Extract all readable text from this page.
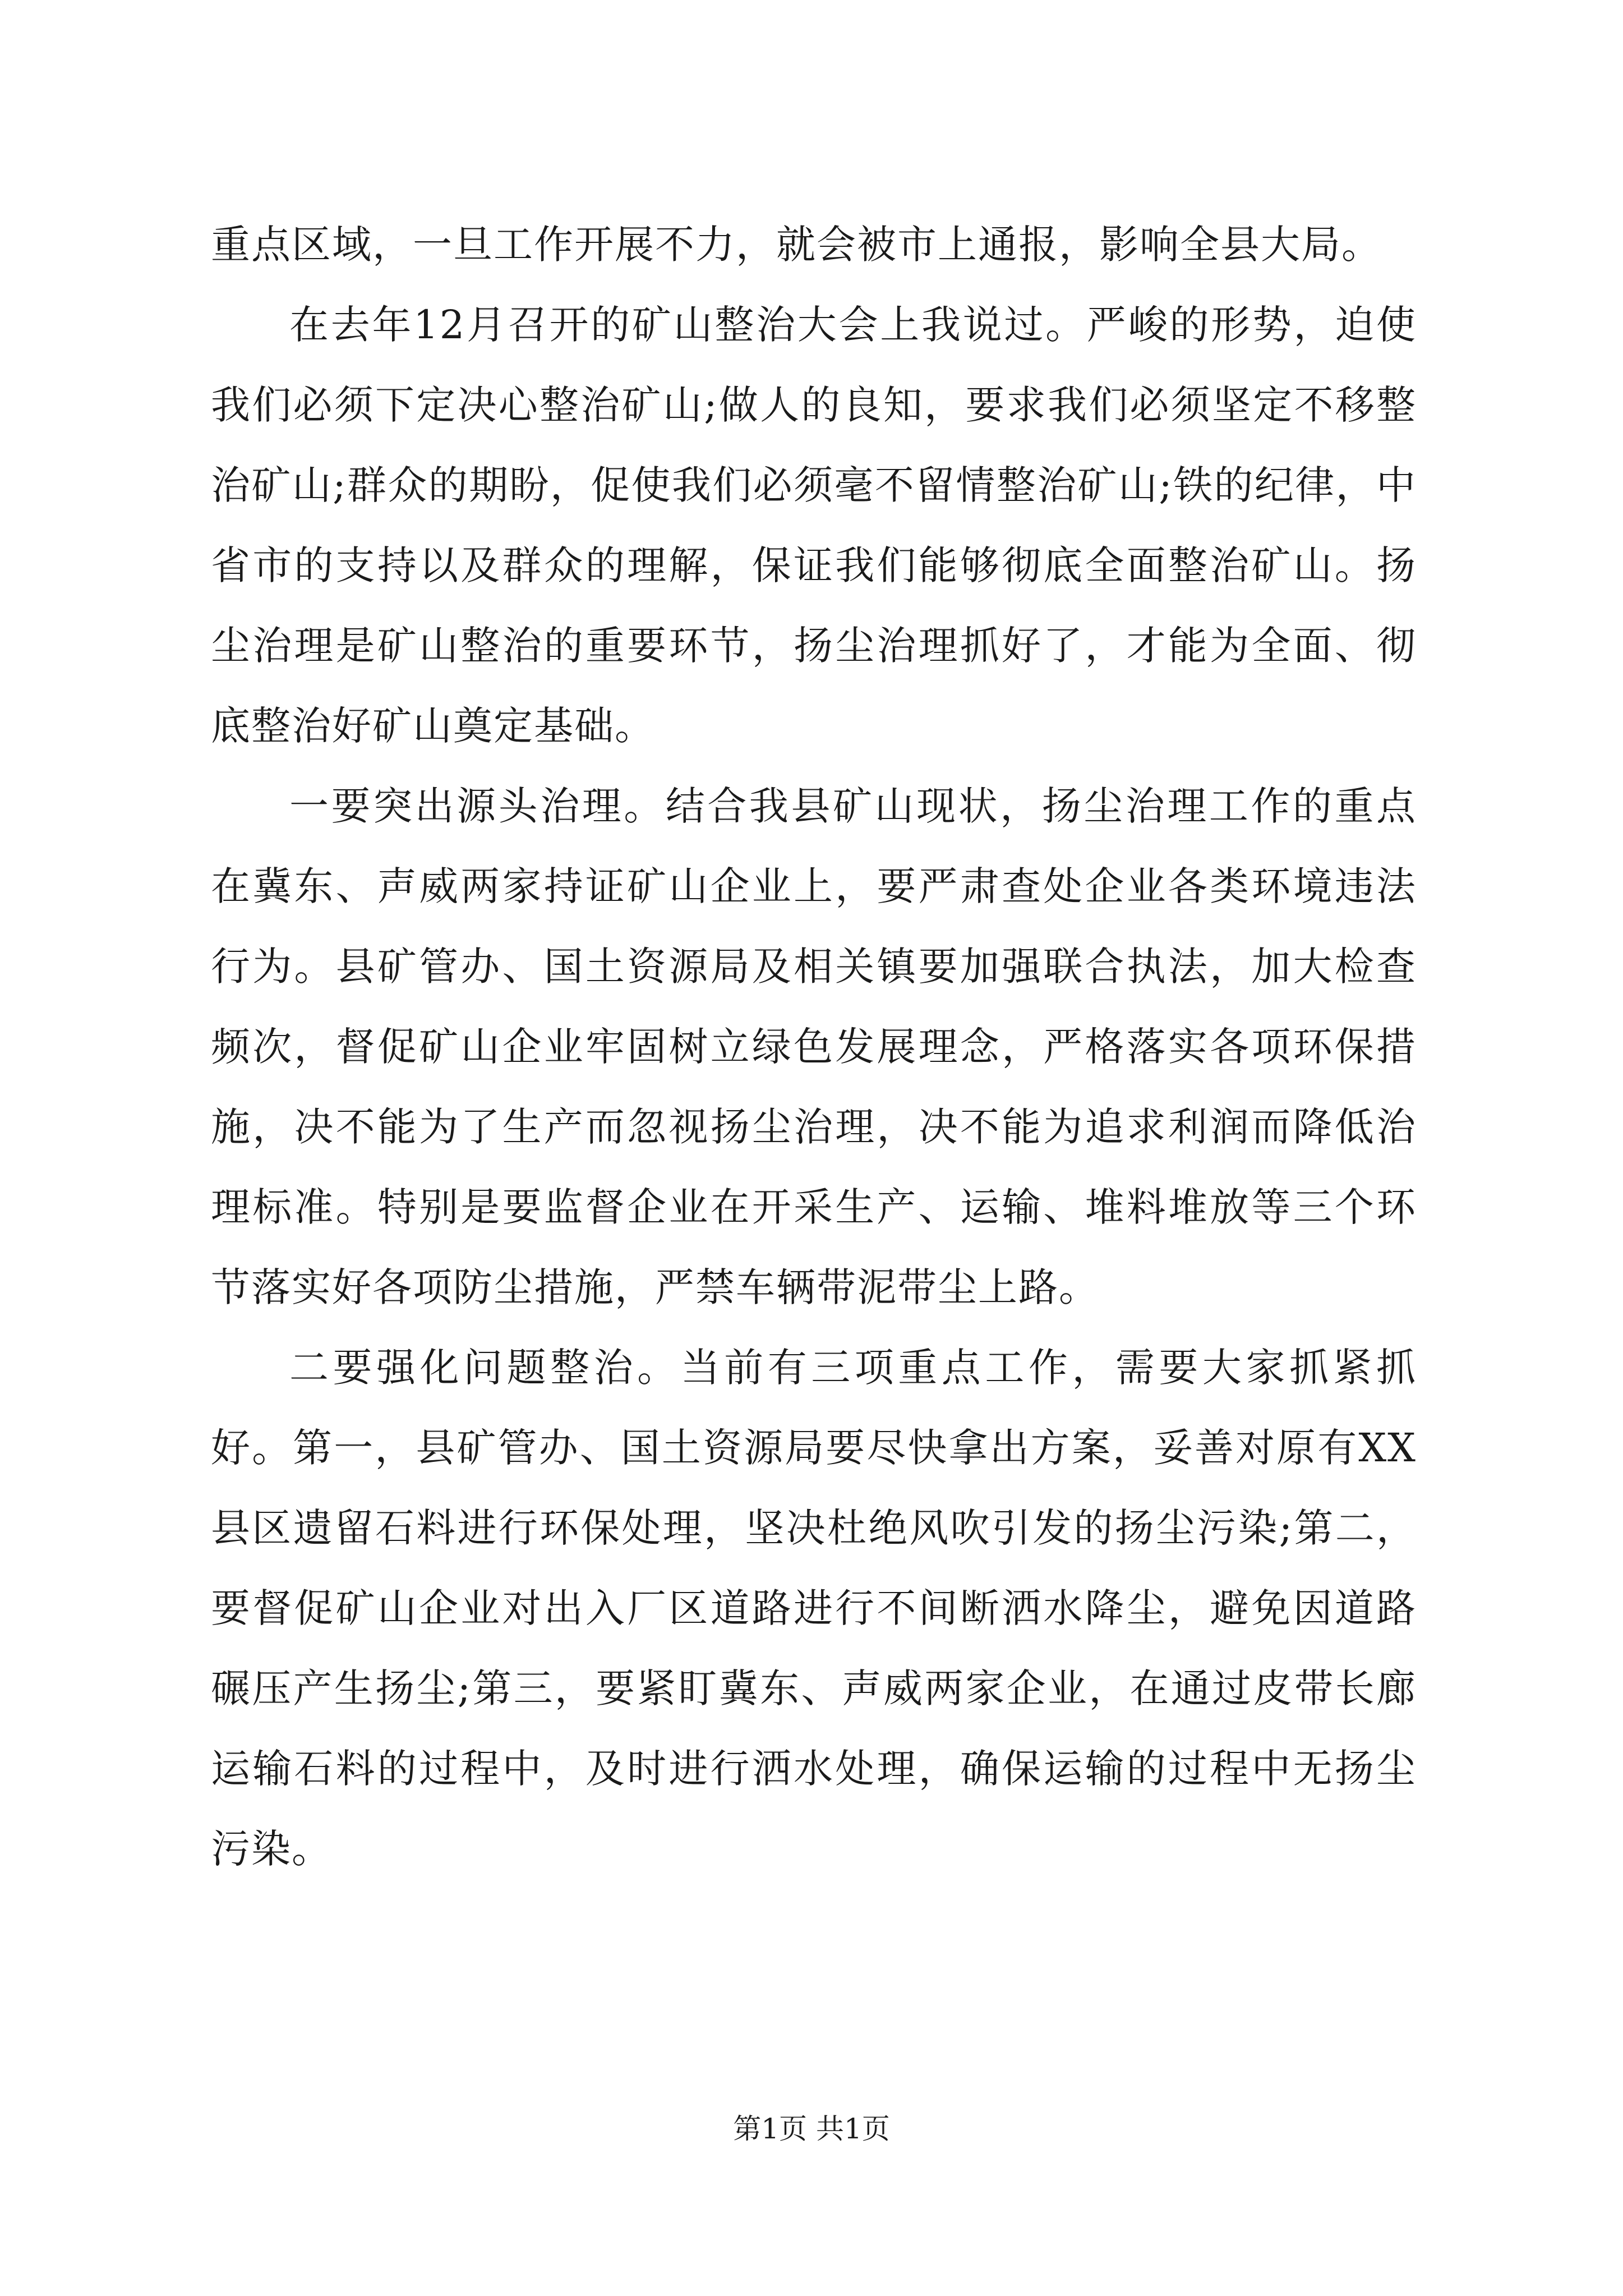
重点区域，一旦工作开展不力，就会被市上通报，影响全县大局。

在去年12月召开的矿山整治大会上我说过。严峻的形势，迫使我们必须下定决心整治矿山;做人的良知，要求我们必须坚定不移整治矿山;群众的期盼，促使我们必须毫不留情整治矿山;铁的纪律，中省市的支持以及群众的理解，保证我们能够彻底全面整治矿山。扬尘治理是矿山整治的重要环节，扬尘治理抓好了，才能为全面、彻底整治好矿山奠定基础。

一要突出源头治理。结合我县矿山现状，扬尘治理工作的重点在冀东、声威两家持证矿山企业上，要严肃查处企业各类环境违法行为。县矿管办、国土资源局及相关镇要加强联合执法，加大检查频次，督促矿山企业牢固树立绿色发展理念，严格落实各项环保措施，决不能为了生产而忽视扬尘治理，决不能为追求利润而降低治理标准。特别是要监督企业在开采生产、运输、堆料堆放等三个环节落实好各项防尘措施，严禁车辆带泥带尘上路。

二要强化问题整治。当前有三项重点工作，需要大家抓紧抓好。第一，县矿管办、国土资源局要尽快拿出方案，妥善对原有XX县区遗留石料进行环保处理，坚决杜绝风吹引发的扬尘污染;第二，要督促矿山企业对出入厂区道路进行不间断洒水降尘，避免因道路碾压产生扬尘;第三，要紧盯冀东、声威两家企业，在通过皮带长廊运输石料的过程中，及时进行洒水处理，确保运输的过程中无扬尘污染。

第1页 共1页
